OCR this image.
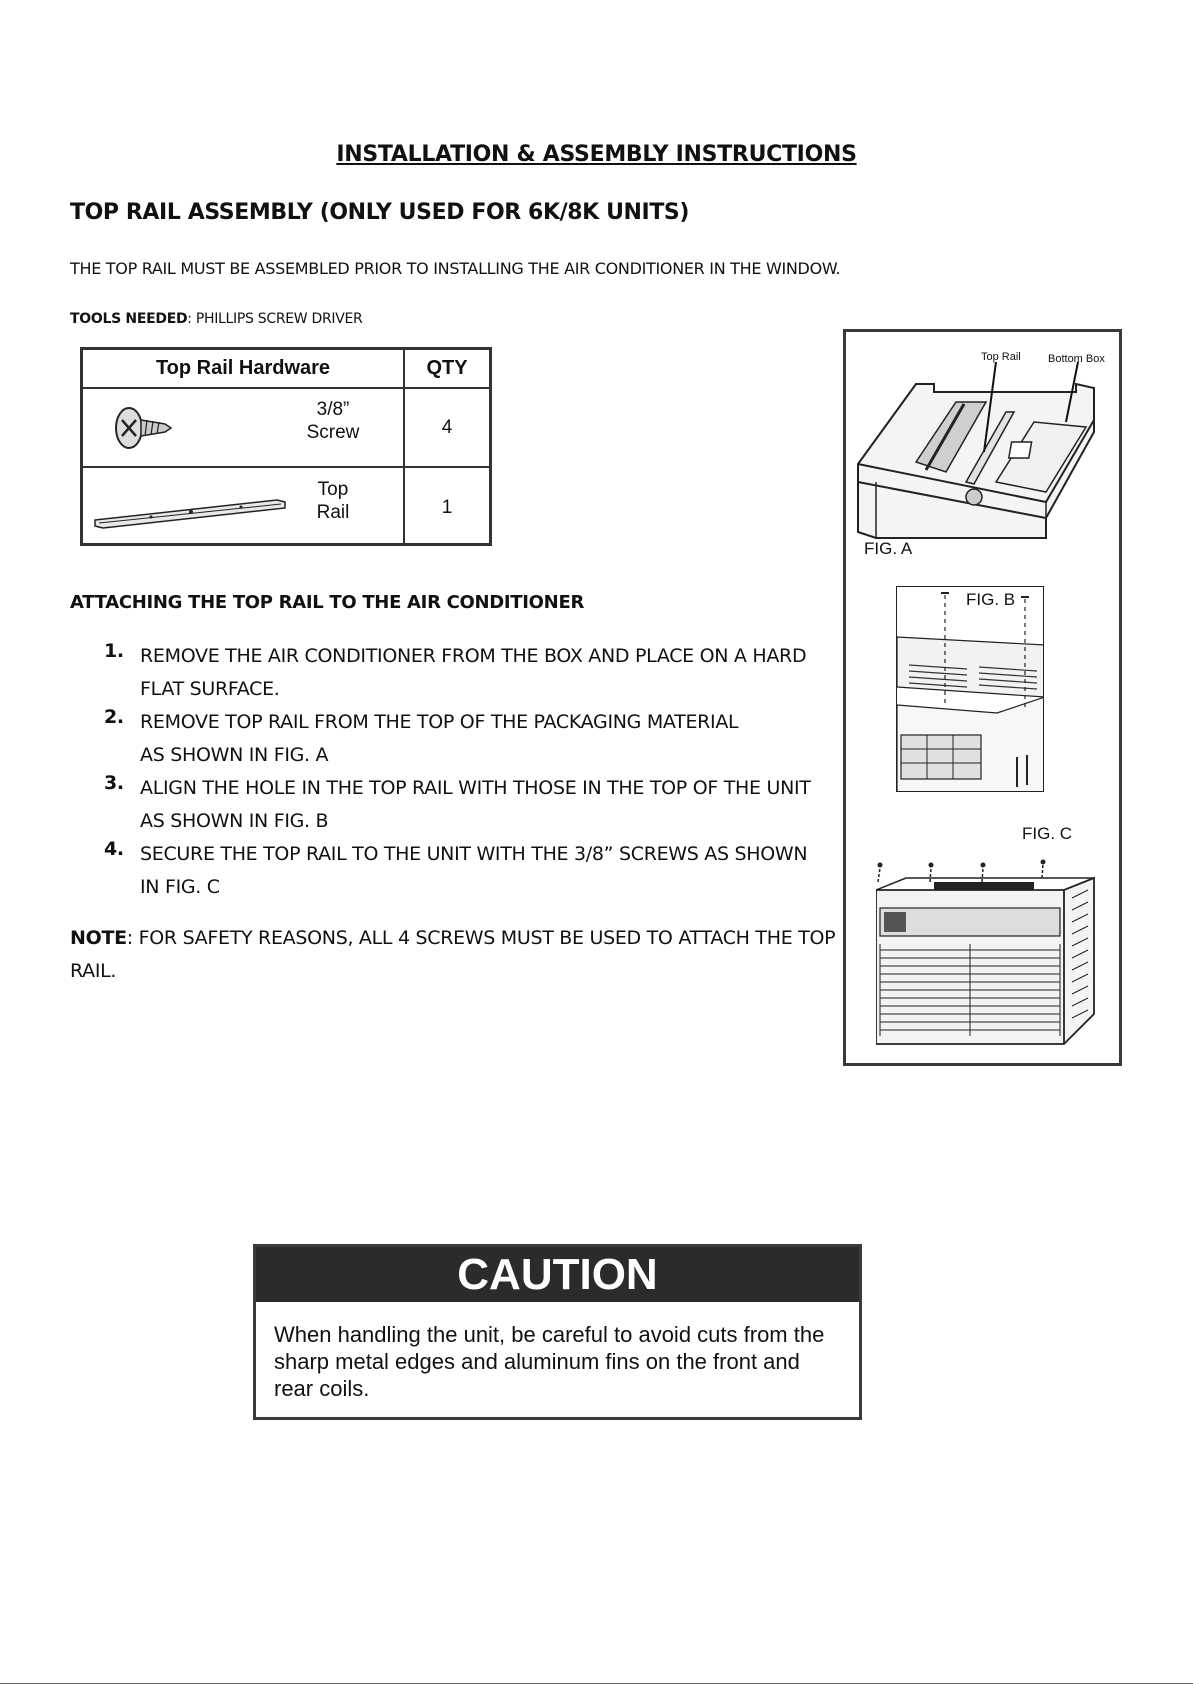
INSTALLATION & ASSEMBLY INSTRUCTIONS
TOP RAIL ASSEMBLY (ONLY USED FOR 6K/8K UNITS)
THE TOP RAIL MUST BE ASSEMBLED PRIOR TO INSTALLING THE AIR CONDITIONER IN THE WINDOW.
TOOLS NEEDED: PHILLIPS SCREW DRIVER
Top Rail Hardware	QTY
3/8”
Screw	4
Top
Rail	1
ATTACHING THE TOP RAIL TO THE AIR CONDITIONER
1. REMOVE THE AIR CONDITIONER FROM THE BOX AND PLACE ON A HARD FLAT SURFACE.
2. REMOVE TOP RAIL FROM THE TOP OF THE PACKAGING MATERIAL AS SHOWN IN FIG. A
3. ALIGN THE HOLE IN THE TOP RAIL WITH THOSE IN THE TOP OF THE UNIT AS SHOWN IN FIG. B
4. SECURE THE TOP RAIL TO THE UNIT WITH THE 3/8” SCREWS AS SHOWN IN FIG. C
NOTE: FOR SAFETY REASONS, ALL 4 SCREWS MUST BE USED TO ATTACH THE TOP RAIL.
Top Rail Bottom Box
FIG. A
FIG. B
FIG. C
CAUTION
When handling the unit, be careful to avoid cuts from the sharp metal edges and aluminum fins on the front and rear coils.
